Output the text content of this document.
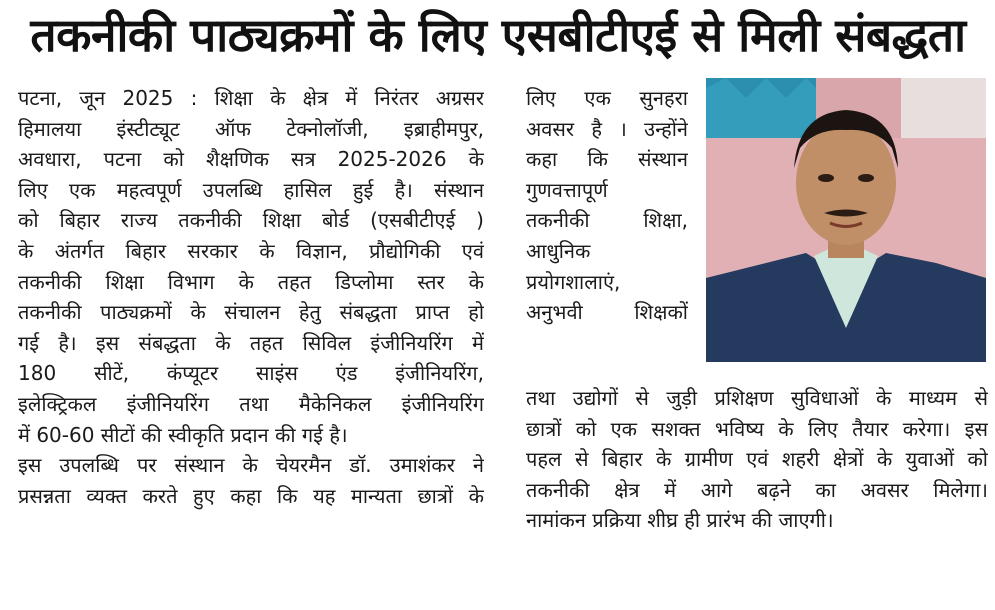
तकनीकी पाठ्यक्रमों के लिए एसबीटीएई से मिली संबद्धता
पटना, जून 2025 : शिक्षा के क्षेत्र में निरंतर अग्रसर
हिमालया इंस्टीट्यूट ऑफ टेक्नोलॉजी, इब्राहीमपुर,
अवधारा, पटना को शैक्षणिक सत्र 2025-2026 के
लिए एक महत्वपूर्ण उपलब्धि हासिल हुई है। संस्थान
को बिहार राज्य तकनीकी शिक्षा बोर्ड (एसबीटीएई )
के अंतर्गत बिहार सरकार के विज्ञान, प्रौद्योगिकी एवं
तकनीकी शिक्षा विभाग के तहत डिप्लोमा स्तर के
तकनीकी पाठ्यक्रमों के संचालन हेतु संबद्धता प्राप्त हो
गई है। इस संबद्धता के तहत सिविल इंजीनियरिंग में
180 सीटें, कंप्यूटर साइंस एंड इंजीनियरिंग,
इलेक्ट्रिकल इंजीनियरिंग तथा मैकेनिकल इंजीनियरिंग
में 60-60 सीटों की स्वीकृति प्रदान की गई है।
इस उपलब्धि पर संस्थान के चेयरमैन डॉ. उमाशंकर ने
प्रसन्नता व्यक्त करते हुए कहा कि यह मान्यता छात्रों के
लिए एक सुनहरा
अवसर है । उन्होंने
कहा कि संस्थान
गुणवत्तापूर्ण
तकनीकी शिक्षा,
आधुनिक
प्रयोगशालाएं,
अनुभवी शिक्षकों
तथा उद्योगों से जुड़ी प्रशिक्षण सुविधाओं के माध्यम से
छात्रों को एक सशक्त भविष्य के लिए तैयार करेगा। इस
पहल से बिहार के ग्रामीण एवं शहरी क्षेत्रों के युवाओं को
तकनीकी क्षेत्र में आगे बढ़ने का अवसर मिलेगा।
नामांकन प्रक्रिया शीघ्र ही प्रारंभ की जाएगी।
